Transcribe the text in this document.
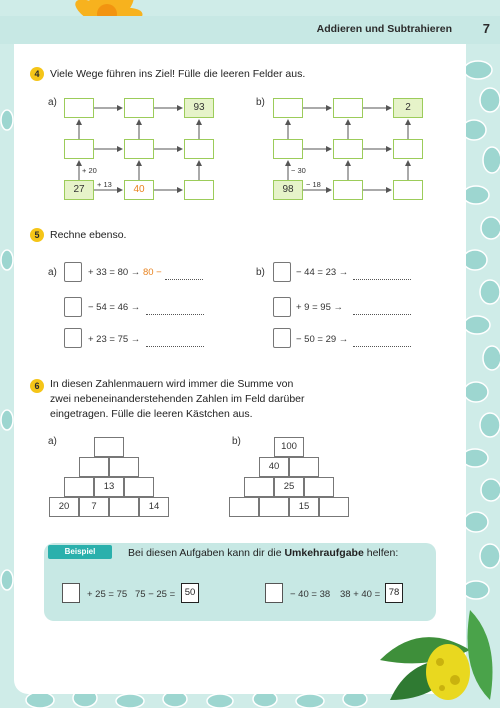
Addieren und Subtrahieren 7
4	Viele Wege führen ins Ziel! Fülle die leeren Felder aus.
a)	b)
93
27	40
+ 20
+ 13
2
98
− 30
− 18
5	Rechne ebenso.
a)	b)
+ 33 = 80 → 80 −
− 54 = 46 →
+ 23 = 75 →
− 44 = 23 →
+ 9 = 95 →
− 50 = 29 →
6	In diesen Zahlenmauern wird immer die Summe von
zwei nebeneinanderstehenden Zahlen im Feld darüber
eingetragen. Fülle die leeren Kästchen aus.
a)	b)
13
20	7	14
100
40
25
15
Beispiel	Bei diesen Aufgaben kann dir die Umkehraufgabe helfen:
+ 25 = 75 75 − 25 =	50	− 40 = 38 38 + 40 = 78
